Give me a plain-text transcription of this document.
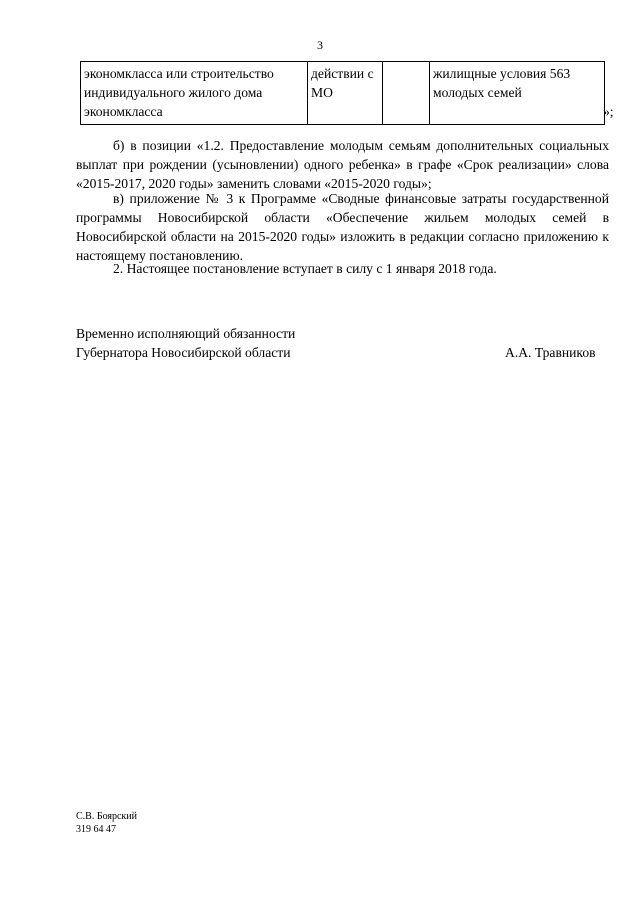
3
экономкласса или строительство индивидуального жилого дома экономкласса	действии с МО		жилищные условия 563 молодых семей
»;

б) в позиции «1.2. Предоставление молодым семьям дополнительных социальных выплат при рождении (усыновлении) одного ребенка» в графе «Срок реализации» слова «2015-2017, 2020 годы» заменить словами «2015-2020 годы»;

в) приложение № 3 к Программе «Сводные финансовые затраты государственной программы Новосибирской области «Обеспечение жильем молодых семей в Новосибирской области на 2015-2020 годы» изложить в редакции согласно приложению к настоящему постановлению.

2. Настоящее постановление вступает в силу с 1 января 2018 года.

Временно исполняющий обязанности
Губернатора Новосибирской области	А.А. Травников
С.В. Боярский
319 64 47
